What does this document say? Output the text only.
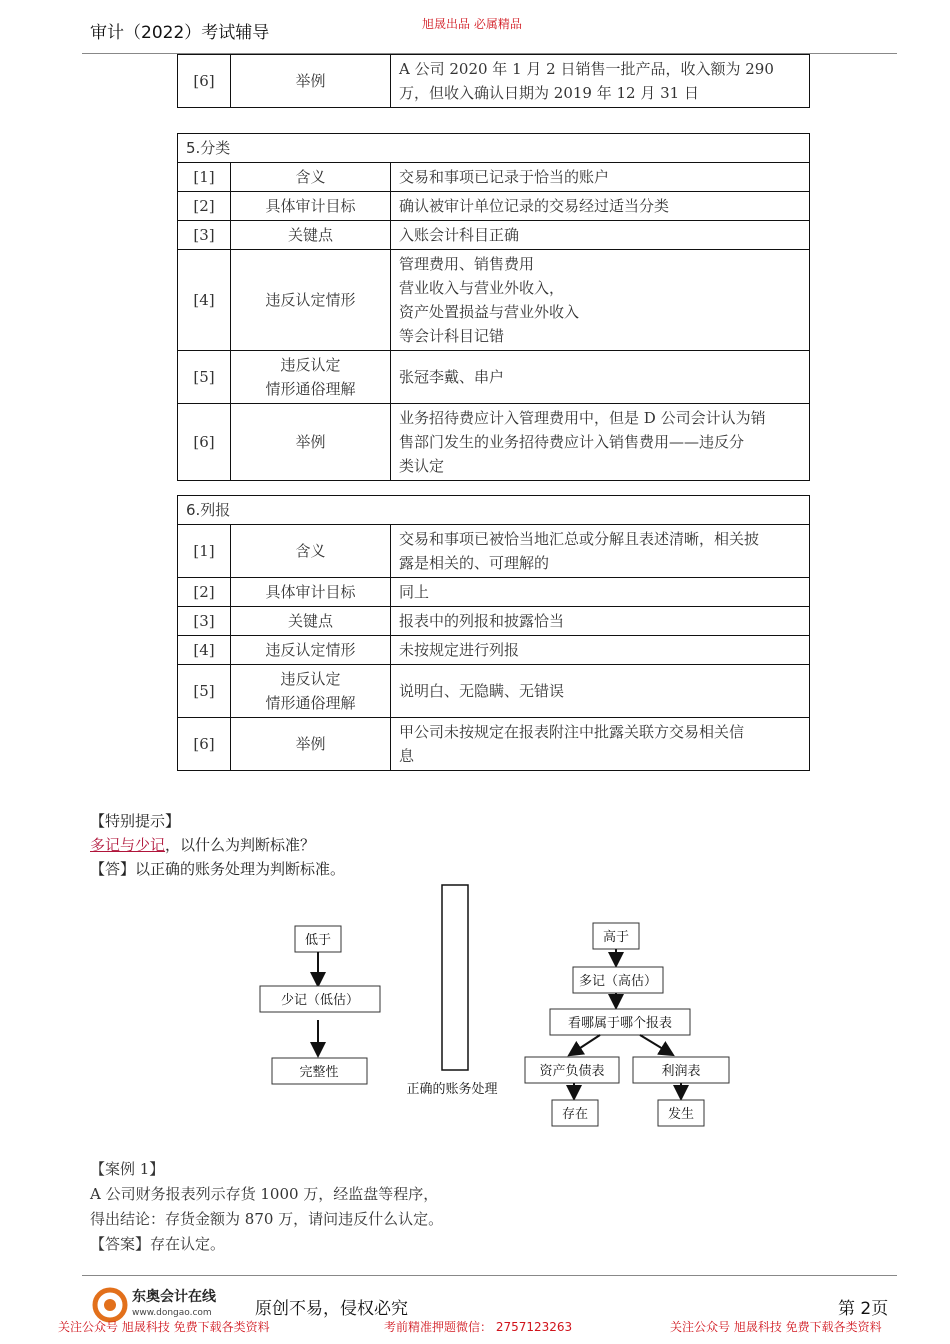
审计（2022）考试辅导	旭晟出品 必属精品
[6]	举例	
A 公司 2020 年 1 月 2 日销售一批产品，收入额为 290
万，但收入确认日期为 2019 年 12 月 31 日
5.分类		
[1]	含义	交易和事项已记录于恰当的账户
[2]	具体审计目标	确认被审计单位记录的交易经过适当分类
[3]	关键点	入账会计科目正确
[4]	违反认定情形	管理费用、销售费用
营业收入与营业外收入，
资产处置损益与营业外收入
等会计科目记错

[5]	违反认定
情形通俗理解	张冠李戴、串户
[6]	举例	业务招待费应计入管理费用中，但是 D 公司会计认为销
售部门发生的业务招待费应计入销售费用——违反分
类认定
6.列报		
[1]	含义	交易和事项已被恰当地汇总或分解且表述清晰，相关披
露是相关的、可理解的

[2]	具体审计目标	同上
[3]	关键点	报表中的列报和披露恰当
[4]	违反认定情形	未按规定进行列报
[5]	违反认定
情形通俗理解	说明白、无隐瞒、无错误
[6]	举例	甲公司未按规定在报表附注中批露关联方交易相关信
息
【特别提示】
多记与少记，以什么为判断标准？
【答】以正确的账务处理为判断标准。
低于
少记（低估）
完整性
正确的账务处理
高于
多记（高估）
看哪属于哪个报表
资产负债表	利润表
存在	发生
【案例 1】
A 公司财务报表列示存货 1000 万，经监盘等程序，
得出结论：存货金额为 870 万，请问违反什么认定。
【答案】存在认定。
东奥会计在线
www.dongao.com	原创不易，侵权必究	第 2页
关注公众号 旭晟科技 免费下载各类资料	考前精准押题微信： 2757123263	关注公众号 旭晟科技 免费下载各类资料
